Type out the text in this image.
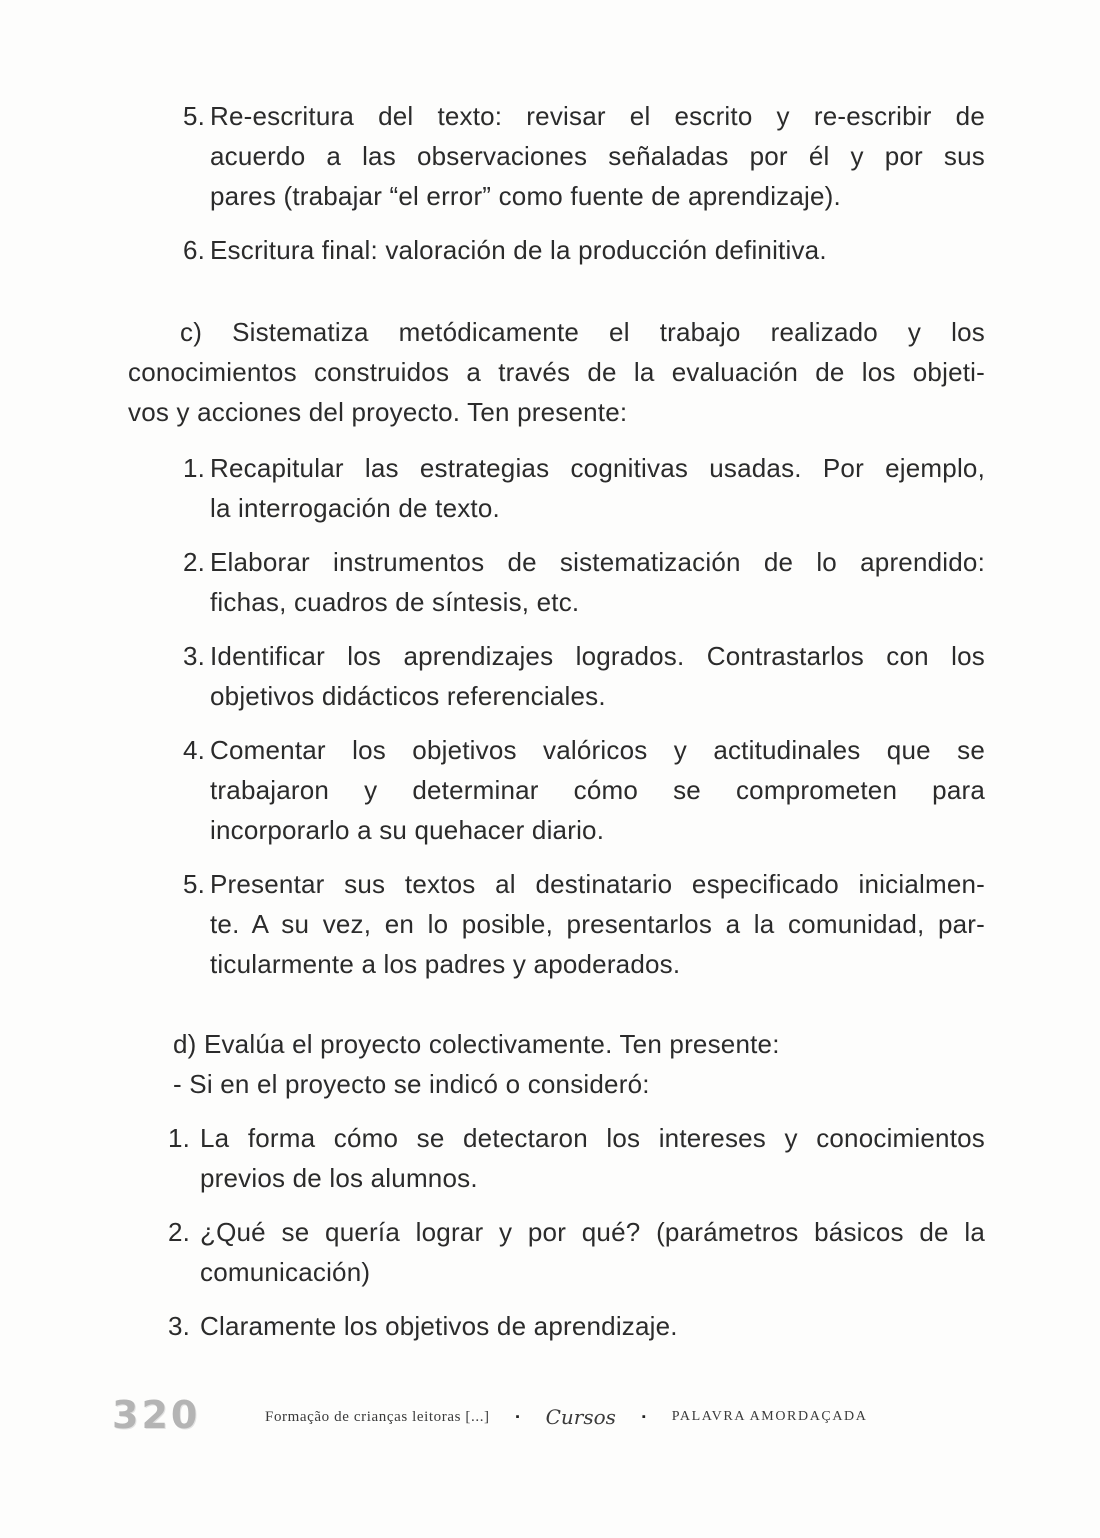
5. Re-escritura del texto: revisar el escrito y re-escribir de
acuerdo a las observaciones señaladas por él y por sus
pares (trabajar “el error” como fuente de aprendizaje).
6. Escritura final: valoración de la producción definitiva.
c) Sistematiza metódicamente el trabajo realizado y los
conocimientos construidos a través de la evaluación de los objeti-
vos y acciones del proyecto. Ten presente:
1. Recapitular las estrategias cognitivas usadas. Por ejemplo,
la interrogación de texto.
2. Elaborar instrumentos de sistematización de lo aprendido:
fichas, cuadros de síntesis, etc.
3. Identificar los aprendizajes logrados. Contrastarlos con los
objetivos didácticos referenciales.
4. Comentar los objetivos valóricos y actitudinales que se
trabajaron y determinar cómo se comprometen para
incorporarlo a su quehacer diario.
5. Presentar sus textos al destinatario especificado inicialmen-
te. A su vez, en lo posible, presentarlos a la comunidad, par-
ticularmente a los padres y apoderados.
d) Evalúa el proyecto colectivamente. Ten presente:
- Si en el proyecto se indicó o consideró:
1. La forma cómo se detectaron los intereses y conocimientos
previos de los alumnos.
2. ¿Qué se quería lograr y por qué? (parámetros básicos de la
comunicación)
3. Claramente los objetivos de aprendizaje.
320	Formação de crianças leitoras [...] ▪ Cursos ▪ PALAVRA AMORDAÇADA
